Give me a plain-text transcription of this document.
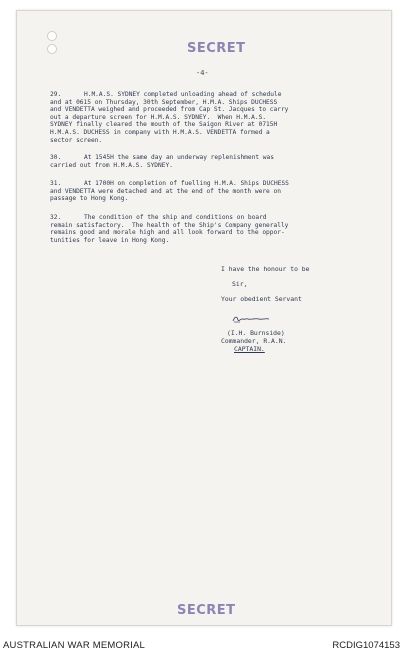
SECRET
-4-

29.	H.M.A.S. SYDNEY completed unloading ahead of schedule

and at 0615 on Thursday, 30th September, H.M.A. Ships DUCHESS

and VENDETTA weighed and proceeded from Cap St. Jacques to carry

out a departure screen for H.M.A.S. SYDNEY.  When H.M.A.S.

SYDNEY finally cleared the mouth of the Saigon River at 0715H

H.M.A.S. DUCHESS in company with H.M.A.S. VENDETTA formed a

sector screen.

30.	At 1545H the same day an underway replenishment was

carried out from H.M.A.S. SYDNEY.

31.	At 1700H on completion of fuelling H.M.A. Ships DUCHESS

and VENDETTA were detached and at the end of the month were on

passage to Hong Kong.

32.	The condition of the ship and conditions on board

remain satisfactory.  The health of the Ship's Company generally

remains good and morale high and all look forward to the oppor-

tunities for leave in Hong Kong.

I have the honour to be
Sir,
Your obedient Servant
(I.H. Burnside)
Commander, R.A.N.
CAPTAIN.
SECRET
AUSTRALIAN WAR MEMORIAL	RCDIG1074153
